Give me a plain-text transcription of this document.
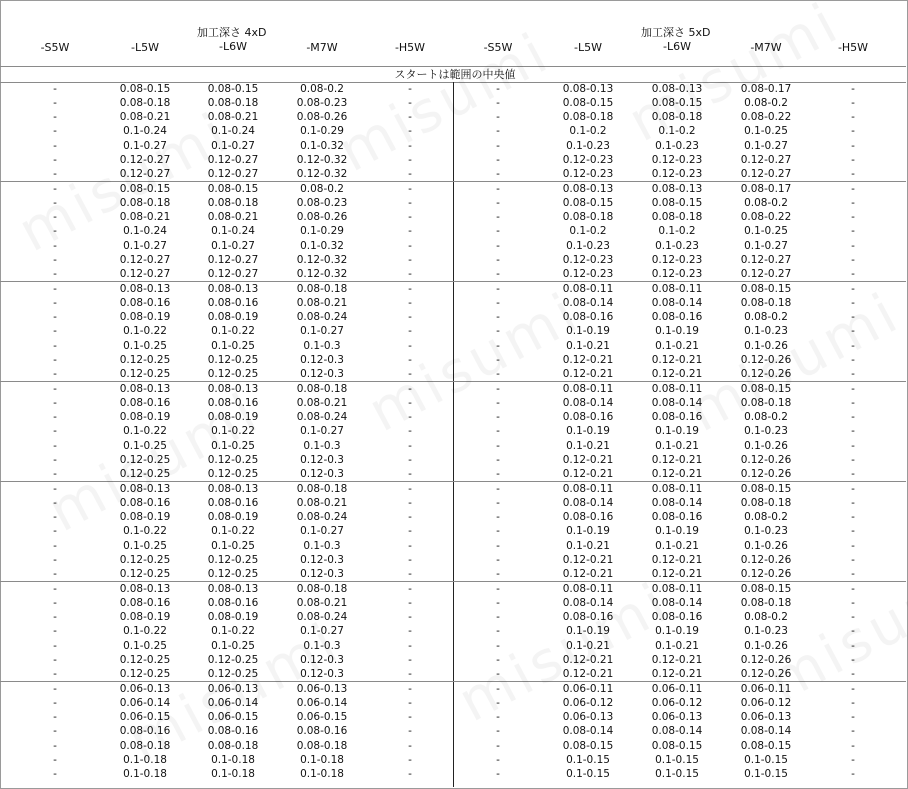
加工深さ 4xD	加工深さ 5xD
-S5W	-L5W	-L6W	-M7W	-H5W	-S5W	-L5W	-L6W	-M7W	-H5W
スタートは範囲の中央値
-	0.08-0.15	0.08-0.15	0.08-0.2	-	-	0.08-0.13	0.08-0.13	0.08-0.17	-
-	0.08-0.18	0.08-0.18	0.08-0.23	-	-	0.08-0.15	0.08-0.15	0.08-0.2	-
-	0.08-0.21	0.08-0.21	0.08-0.26	-	-	0.08-0.18	0.08-0.18	0.08-0.22	-
-	0.1-0.24	0.1-0.24	0.1-0.29	-	-	0.1-0.2	0.1-0.2	0.1-0.25	-
-	0.1-0.27	0.1-0.27	0.1-0.32	-	-	0.1-0.23	0.1-0.23	0.1-0.27	-
-	0.12-0.27	0.12-0.27	0.12-0.32	-	-	0.12-0.23	0.12-0.23	0.12-0.27	-
-	0.12-0.27	0.12-0.27	0.12-0.32	-	-	0.12-0.23	0.12-0.23	0.12-0.27	-
-	0.08-0.15	0.08-0.15	0.08-0.2	-	-	0.08-0.13	0.08-0.13	0.08-0.17	-
-	0.08-0.18	0.08-0.18	0.08-0.23	-	-	0.08-0.15	0.08-0.15	0.08-0.2	-
-	0.08-0.21	0.08-0.21	0.08-0.26	-	-	0.08-0.18	0.08-0.18	0.08-0.22	-
-	0.1-0.24	0.1-0.24	0.1-0.29	-	-	0.1-0.2	0.1-0.2	0.1-0.25	-
-	0.1-0.27	0.1-0.27	0.1-0.32	-	-	0.1-0.23	0.1-0.23	0.1-0.27	-
-	0.12-0.27	0.12-0.27	0.12-0.32	-	-	0.12-0.23	0.12-0.23	0.12-0.27	-
-	0.12-0.27	0.12-0.27	0.12-0.32	-	-	0.12-0.23	0.12-0.23	0.12-0.27	-
-	0.08-0.13	0.08-0.13	0.08-0.18	-	-	0.08-0.11	0.08-0.11	0.08-0.15	-
-	0.08-0.16	0.08-0.16	0.08-0.21	-	-	0.08-0.14	0.08-0.14	0.08-0.18	-
-	0.08-0.19	0.08-0.19	0.08-0.24	-	-	0.08-0.16	0.08-0.16	0.08-0.2	-
-	0.1-0.22	0.1-0.22	0.1-0.27	-	-	0.1-0.19	0.1-0.19	0.1-0.23	-
-	0.1-0.25	0.1-0.25	0.1-0.3	-	-	0.1-0.21	0.1-0.21	0.1-0.26	-
-	0.12-0.25	0.12-0.25	0.12-0.3	-	-	0.12-0.21	0.12-0.21	0.12-0.26	-
-	0.12-0.25	0.12-0.25	0.12-0.3	-	-	0.12-0.21	0.12-0.21	0.12-0.26	-
-	0.08-0.13	0.08-0.13	0.08-0.18	-	-	0.08-0.11	0.08-0.11	0.08-0.15	-
-	0.08-0.16	0.08-0.16	0.08-0.21	-	-	0.08-0.14	0.08-0.14	0.08-0.18	-
-	0.08-0.19	0.08-0.19	0.08-0.24	-	-	0.08-0.16	0.08-0.16	0.08-0.2	-
-	0.1-0.22	0.1-0.22	0.1-0.27	-	-	0.1-0.19	0.1-0.19	0.1-0.23	-
-	0.1-0.25	0.1-0.25	0.1-0.3	-	-	0.1-0.21	0.1-0.21	0.1-0.26	-
-	0.12-0.25	0.12-0.25	0.12-0.3	-	-	0.12-0.21	0.12-0.21	0.12-0.26	-
-	0.12-0.25	0.12-0.25	0.12-0.3	-	-	0.12-0.21	0.12-0.21	0.12-0.26	-
-	0.08-0.13	0.08-0.13	0.08-0.18	-	-	0.08-0.11	0.08-0.11	0.08-0.15	-
-	0.08-0.16	0.08-0.16	0.08-0.21	-	-	0.08-0.14	0.08-0.14	0.08-0.18	-
-	0.08-0.19	0.08-0.19	0.08-0.24	-	-	0.08-0.16	0.08-0.16	0.08-0.2	-
-	0.1-0.22	0.1-0.22	0.1-0.27	-	-	0.1-0.19	0.1-0.19	0.1-0.23	-
-	0.1-0.25	0.1-0.25	0.1-0.3	-	-	0.1-0.21	0.1-0.21	0.1-0.26	-
-	0.12-0.25	0.12-0.25	0.12-0.3	-	-	0.12-0.21	0.12-0.21	0.12-0.26	-
-	0.12-0.25	0.12-0.25	0.12-0.3	-	-	0.12-0.21	0.12-0.21	0.12-0.26	-
-	0.08-0.13	0.08-0.13	0.08-0.18	-	-	0.08-0.11	0.08-0.11	0.08-0.15	-
-	0.08-0.16	0.08-0.16	0.08-0.21	-	-	0.08-0.14	0.08-0.14	0.08-0.18	-
-	0.08-0.19	0.08-0.19	0.08-0.24	-	-	0.08-0.16	0.08-0.16	0.08-0.2	-
-	0.1-0.22	0.1-0.22	0.1-0.27	-	-	0.1-0.19	0.1-0.19	0.1-0.23	-
-	0.1-0.25	0.1-0.25	0.1-0.3	-	-	0.1-0.21	0.1-0.21	0.1-0.26	-
-	0.12-0.25	0.12-0.25	0.12-0.3	-	-	0.12-0.21	0.12-0.21	0.12-0.26	-
-	0.12-0.25	0.12-0.25	0.12-0.3	-	-	0.12-0.21	0.12-0.21	0.12-0.26	-
-	0.06-0.13	0.06-0.13	0.06-0.13	-	-	0.06-0.11	0.06-0.11	0.06-0.11	-
-	0.06-0.14	0.06-0.14	0.06-0.14	-	-	0.06-0.12	0.06-0.12	0.06-0.12	-
-	0.06-0.15	0.06-0.15	0.06-0.15	-	-	0.06-0.13	0.06-0.13	0.06-0.13	-
-	0.08-0.16	0.08-0.16	0.08-0.16	-	-	0.08-0.14	0.08-0.14	0.08-0.14	-
-	0.08-0.18	0.08-0.18	0.08-0.18	-	-	0.08-0.15	0.08-0.15	0.08-0.15	-
-	0.1-0.18	0.1-0.18	0.1-0.18	-	-	0.1-0.15	0.1-0.15	0.1-0.15	-
-	0.1-0.18	0.1-0.18	0.1-0.18	-	-	0.1-0.15	0.1-0.15	0.1-0.15	-
